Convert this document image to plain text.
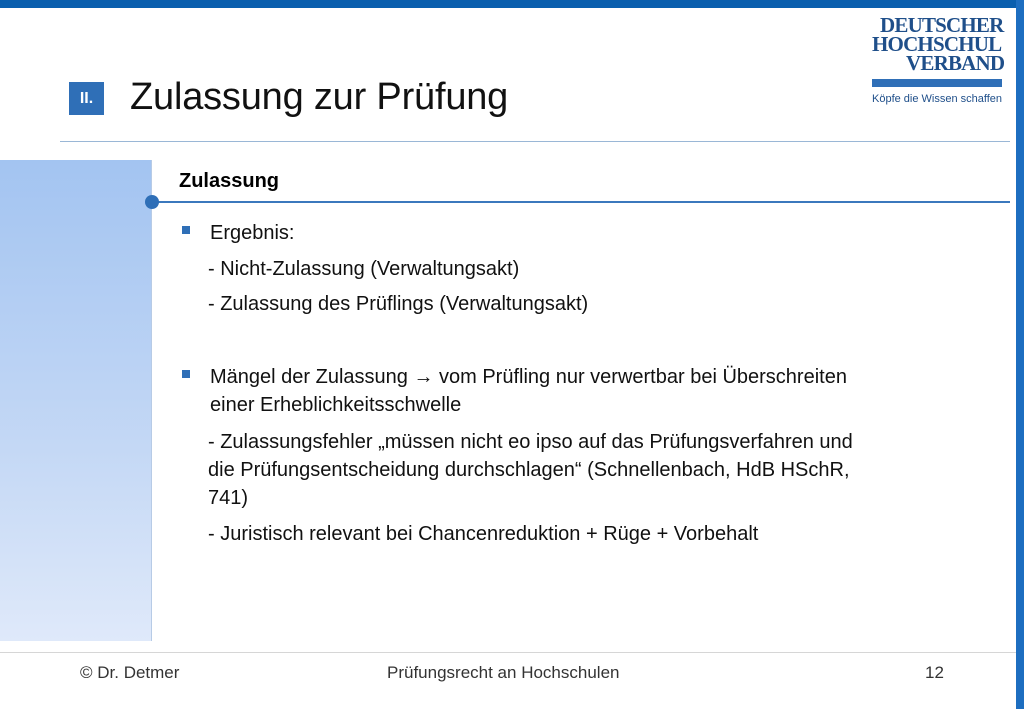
II. Zulassung zur Prüfung
DEUTSCHER
HOCHSCHUL
VERBAND
Köpfe die Wissen schaffen
Zulassung
Ergebnis:
- Nicht-Zulassung (Verwaltungsakt)
- Zulassung des Prüflings (Verwaltungsakt)
Mängel der Zulassung → vom Prüfling nur verwertbar bei Überschreiten
einer Erheblichkeitsschwelle
- Zulassungsfehler „müssen nicht eo ipso auf das Prüfungsverfahren und
die Prüfungsentscheidung durchschlagen“ (Schnellenbach, HdB HSchR,
741)
- Juristisch relevant bei Chancenreduktion + Rüge + Vorbehalt
© Dr. Detmer	Prüfungsrecht an Hochschulen	12
